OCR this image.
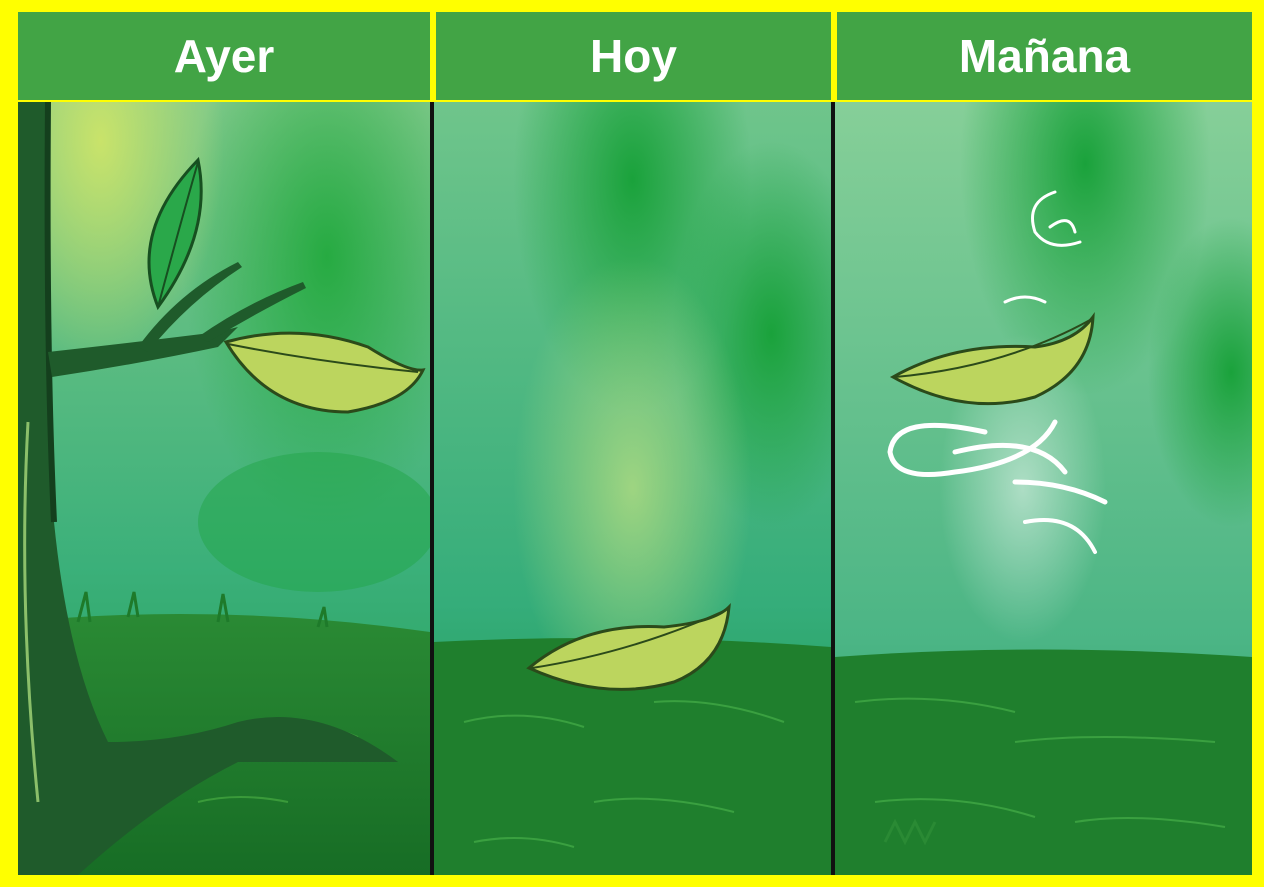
Ayer	Hoy	Mañana
